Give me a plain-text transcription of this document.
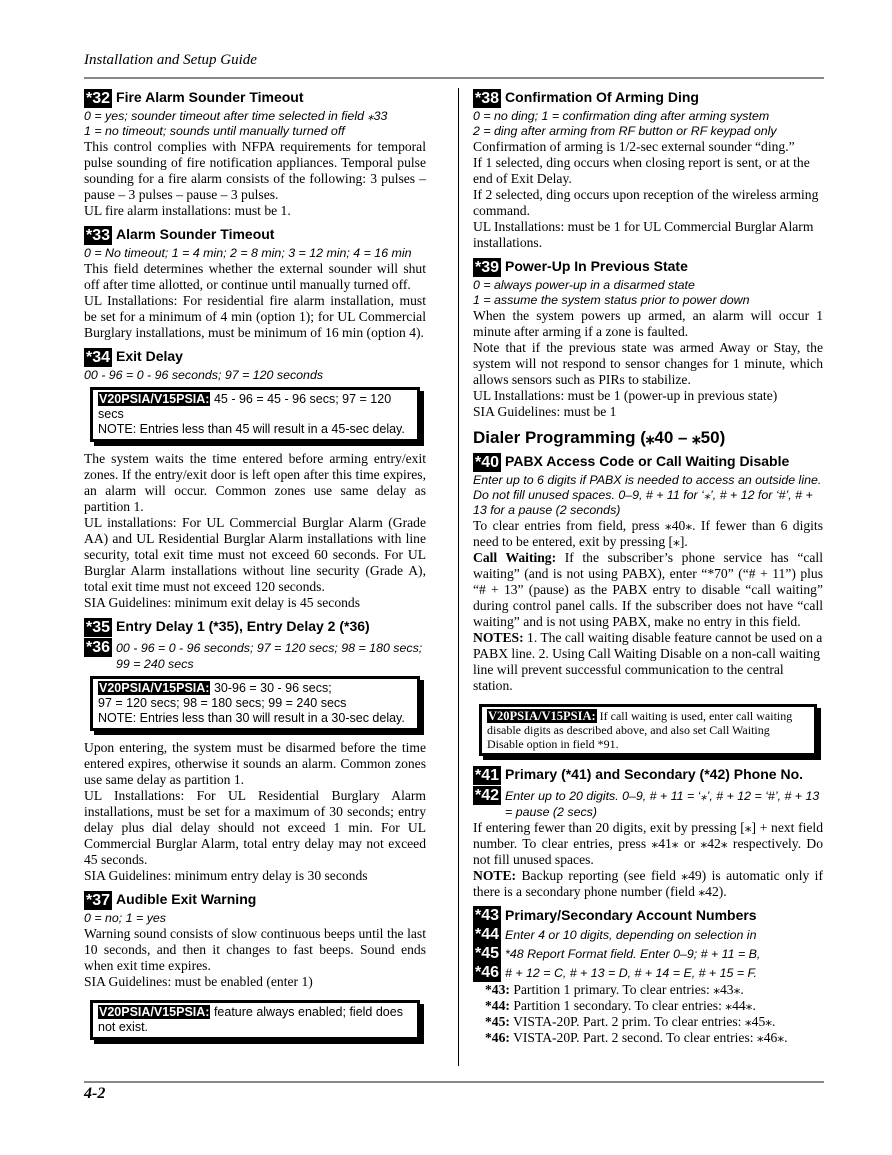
Installation and Setup Guide
*32 Fire Alarm Sounder Timeout
0 = yes; sounder timeout after time selected in field ⁎33
1 = no timeout; sounds until manually turned off
This control complies with NFPA requirements for temporal pulse sounding of fire notification appliances. Temporal pulse sounding for a fire alarm consists of the following: 3 pulses – pause – 3 pulses – pause – 3 pulses.
UL fire alarm installations: must be 1.
*33 Alarm Sounder Timeout
0 = No timeout; 1 = 4 min; 2 = 8 min; 3 = 12 min; 4 = 16 min
This field determines whether the external sounder will shut off after time allotted, or continue until manually turned off.
UL Installations: For residential fire alarm installation, must be set for a minimum of 4 min (option 1); for UL Commercial Burglary installations, must be minimum of 16 min (option 4).
*34 Exit Delay
00 - 96 = 0 - 96 seconds; 97 = 120 seconds
V20PSIA/V15PSIA: 45 - 96 = 45 - 96 secs; 97 = 120 secs
NOTE: Entries less than 45 will result in a 45-sec delay.
The system waits the time entered before arming entry/exit zones. If the entry/exit door is left open after this time expires, an alarm will occur. Common zones use same delay as partition 1.
UL installations: For UL Commercial Burglar Alarm (Grade AA) and UL Residential Burglar Alarm installations with line security, total exit time must not exceed 60 seconds. For UL Burglar Alarm installations without line security (Grade A), total exit time must not exceed 120 seconds.
SIA Guidelines: minimum exit delay is 45 seconds
*35 Entry Delay 1 (*35), Entry Delay 2 (*36)
*36 00 - 96 = 0 - 96 seconds; 97 = 120 secs; 98 = 180 secs; 99 = 240 secs
V20PSIA/V15PSIA: 30-96 = 30 - 96 secs;
97 = 120 secs; 98 = 180 secs; 99 = 240 secs
NOTE: Entries less than 30 will result in a 30-sec delay.
Upon entering, the system must be disarmed before the time entered expires, otherwise it sounds an alarm. Common zones use same delay as partition 1.
UL Installations: For UL Residential Burglary Alarm installations, must be set for a maximum of 30 seconds; entry delay plus dial delay should not exceed 1 min. For UL Commercial Burglar Alarm, total entry delay may not exceed 45 seconds.
SIA Guidelines: minimum entry delay is 30 seconds
*37 Audible Exit Warning
0 = no; 1 = yes
Warning sound consists of slow continuous beeps until the last 10 seconds, and then it changes to fast beeps. Sound ends when exit time expires.
SIA Guidelines: must be enabled (enter 1)
V20PSIA/V15PSIA: feature always enabled; field does not exist.
*38 Confirmation Of Arming Ding
0 = no ding; 1 = confirmation ding after arming system
2 = ding after arming from RF button or RF keypad only
Confirmation of arming is 1/2-sec external sounder “ding.”
If 1 selected, ding occurs when closing report is sent, or at the end of Exit Delay.
If 2 selected, ding occurs upon reception of the wireless arming command.
UL Installations: must be 1 for UL Commercial Burglar Alarm installations.
*39 Power-Up In Previous State
0 = always power-up in a disarmed state
1 = assume the system status prior to power down
When the system powers up armed, an alarm will occur 1 minute after arming if a zone is faulted.
Note that if the previous state was armed Away or Stay, the system will not respond to sensor changes for 1 minute, which allows sensors such as PIRs to stabilize.
UL Installations: must be 1 (power-up in previous state)
SIA Guidelines: must be 1
Dialer Programming (⁎40 – ⁎50)
*40 PABX Access Code or Call Waiting Disable
Enter up to 6 digits if PABX is needed to access an outside line. Do not fill unused spaces. 0–9, # + 11 for ‘⁎’, # + 12 for ‘#’, # + 13 for a pause (2 seconds)
To clear entries from field, press ⁎40⁎. If fewer than 6 digits need to be entered, exit by pressing [⁎].
Call Waiting: If the subscriber’s phone service has “call waiting” (and is not using PABX), enter “*70” (“# + 11”) plus “# + 13” (pause) as the PABX entry to disable “call waiting” during control panel calls. If the subscriber does not have “call waiting” and is not using PABX, make no entry in this field.
NOTES: 1. The call waiting disable feature cannot be used on a PABX line. 2. Using Call Waiting Disable on a non-call waiting line will prevent successful communication to the central station.
V20PSIA/V15PSIA: If call waiting is used, enter call waiting disable digits as described above, and also set Call Waiting Disable option in field *91.
*41 Primary (*41) and Secondary (*42) Phone No.
*42 Enter up to 20 digits. 0–9, # + 11 = ‘⁎’, # + 12 = ‘#’, # + 13 = pause (2 secs)
If entering fewer than 20 digits, exit by pressing [⁎] + next field number. To clear entries, press ⁎41⁎ or ⁎42⁎ respectively. Do not fill unused spaces.
NOTE: Backup reporting (see field ⁎49) is automatic only if there is a secondary phone number (field ⁎42).
*43 Primary/Secondary Account Numbers
*44 Enter 4 or 10 digits, depending on selection in
*45 *48 Report Format field. Enter 0–9; # + 11 = B,
*46 # + 12 = C, # + 13 = D, # + 14 = E, # + 15 = F.
*43: Partition 1 primary. To clear entries: ⁎43⁎.
*44: Partition 1 secondary. To clear entries: ⁎44⁎.
*45: VISTA-20P. Part. 2 prim. To clear entries: ⁎45⁎.
*46: VISTA-20P. Part. 2 second. To clear entries: ⁎46⁎.
4-2
